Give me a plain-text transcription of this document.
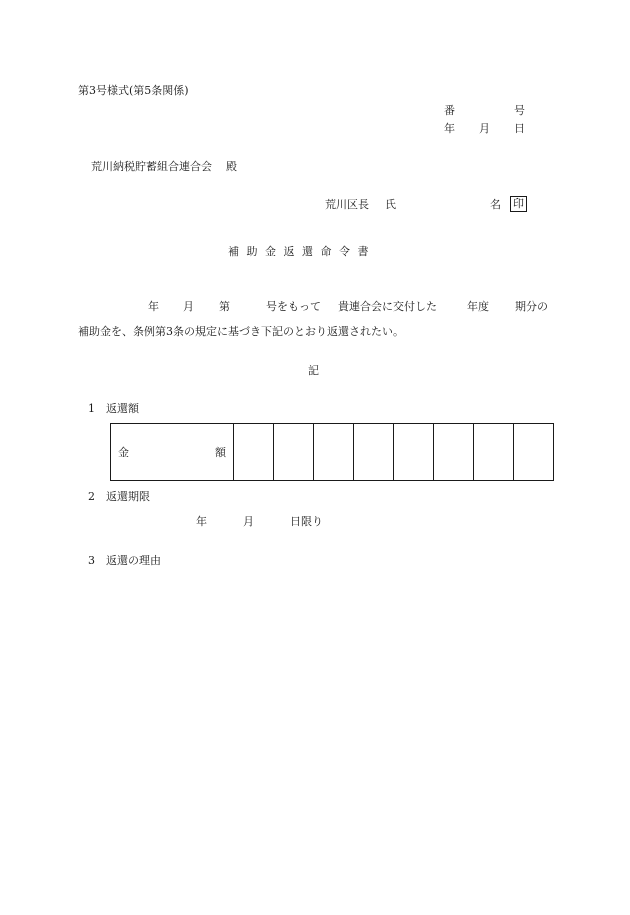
第3号様式(第5条関係)
番	号
年 月 日
荒川納税貯蓄組合連合会 殿
荒川区長 氏	名 印
補 助 金 返 還 命 令 書
年 月 第	号をもって 貴連合会に交付した	年度 期分の
補助金を、条例第3条の規定に基づき下記のとおり返還されたい。
記
1 返還額
金	額

2 返還期限
年	月	日限り
3 返還の理由
